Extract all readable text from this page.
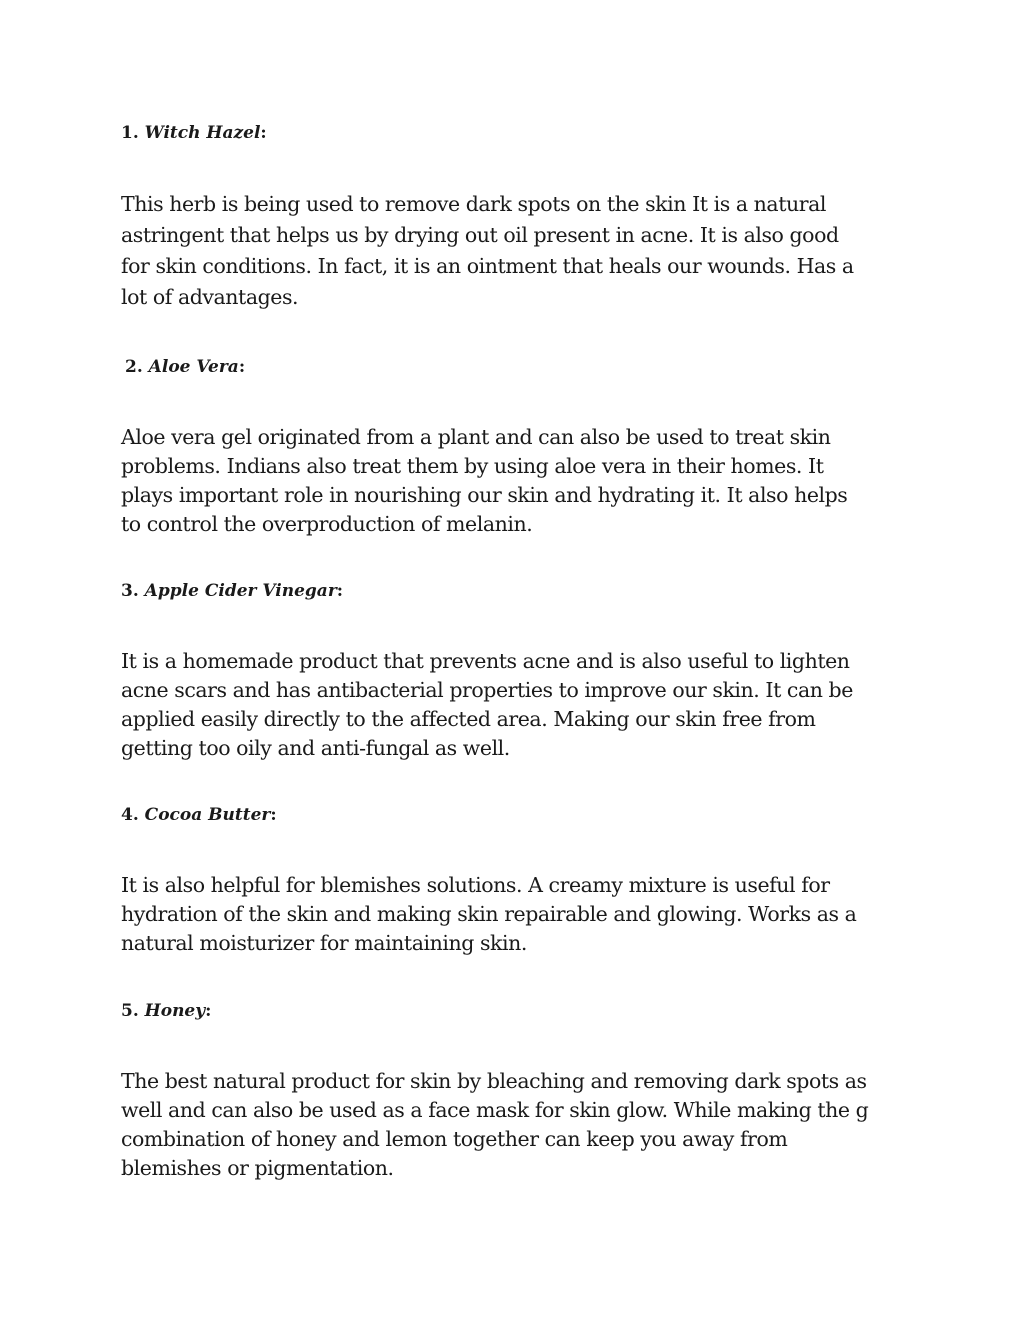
1. Witch Hazel:

This herb is being used to remove dark spots on the skin It is a natural
astringent that helps us by drying out oil present in acne. It is also good
for skin conditions. In fact, it is an ointment that heals our wounds. Has a
lot of advantages.

2. Aloe Vera:

Aloe vera gel originated from a plant and can also be used to treat skin
problems. Indians also treat them by using aloe vera in their homes. It
plays important role in nourishing our skin and hydrating it. It also helps
to control the overproduction of melanin.

3. Apple Cider Vinegar:

It is a homemade product that prevents acne and is also useful to lighten
acne scars and has antibacterial properties to improve our skin. It can be
applied easily directly to the affected area. Making our skin free from
getting too oily and anti-fungal as well.

4. Cocoa Butter:

It is also helpful for blemishes solutions. A creamy mixture is useful for
hydration of the skin and making skin repairable and glowing. Works as a
natural moisturizer for maintaining skin.

5. Honey:

The best natural product for skin by bleaching and removing dark spots as
well and can also be used as a face mask for skin glow. While making the g
combination of honey and lemon together can keep you away from
blemishes or pigmentation.
